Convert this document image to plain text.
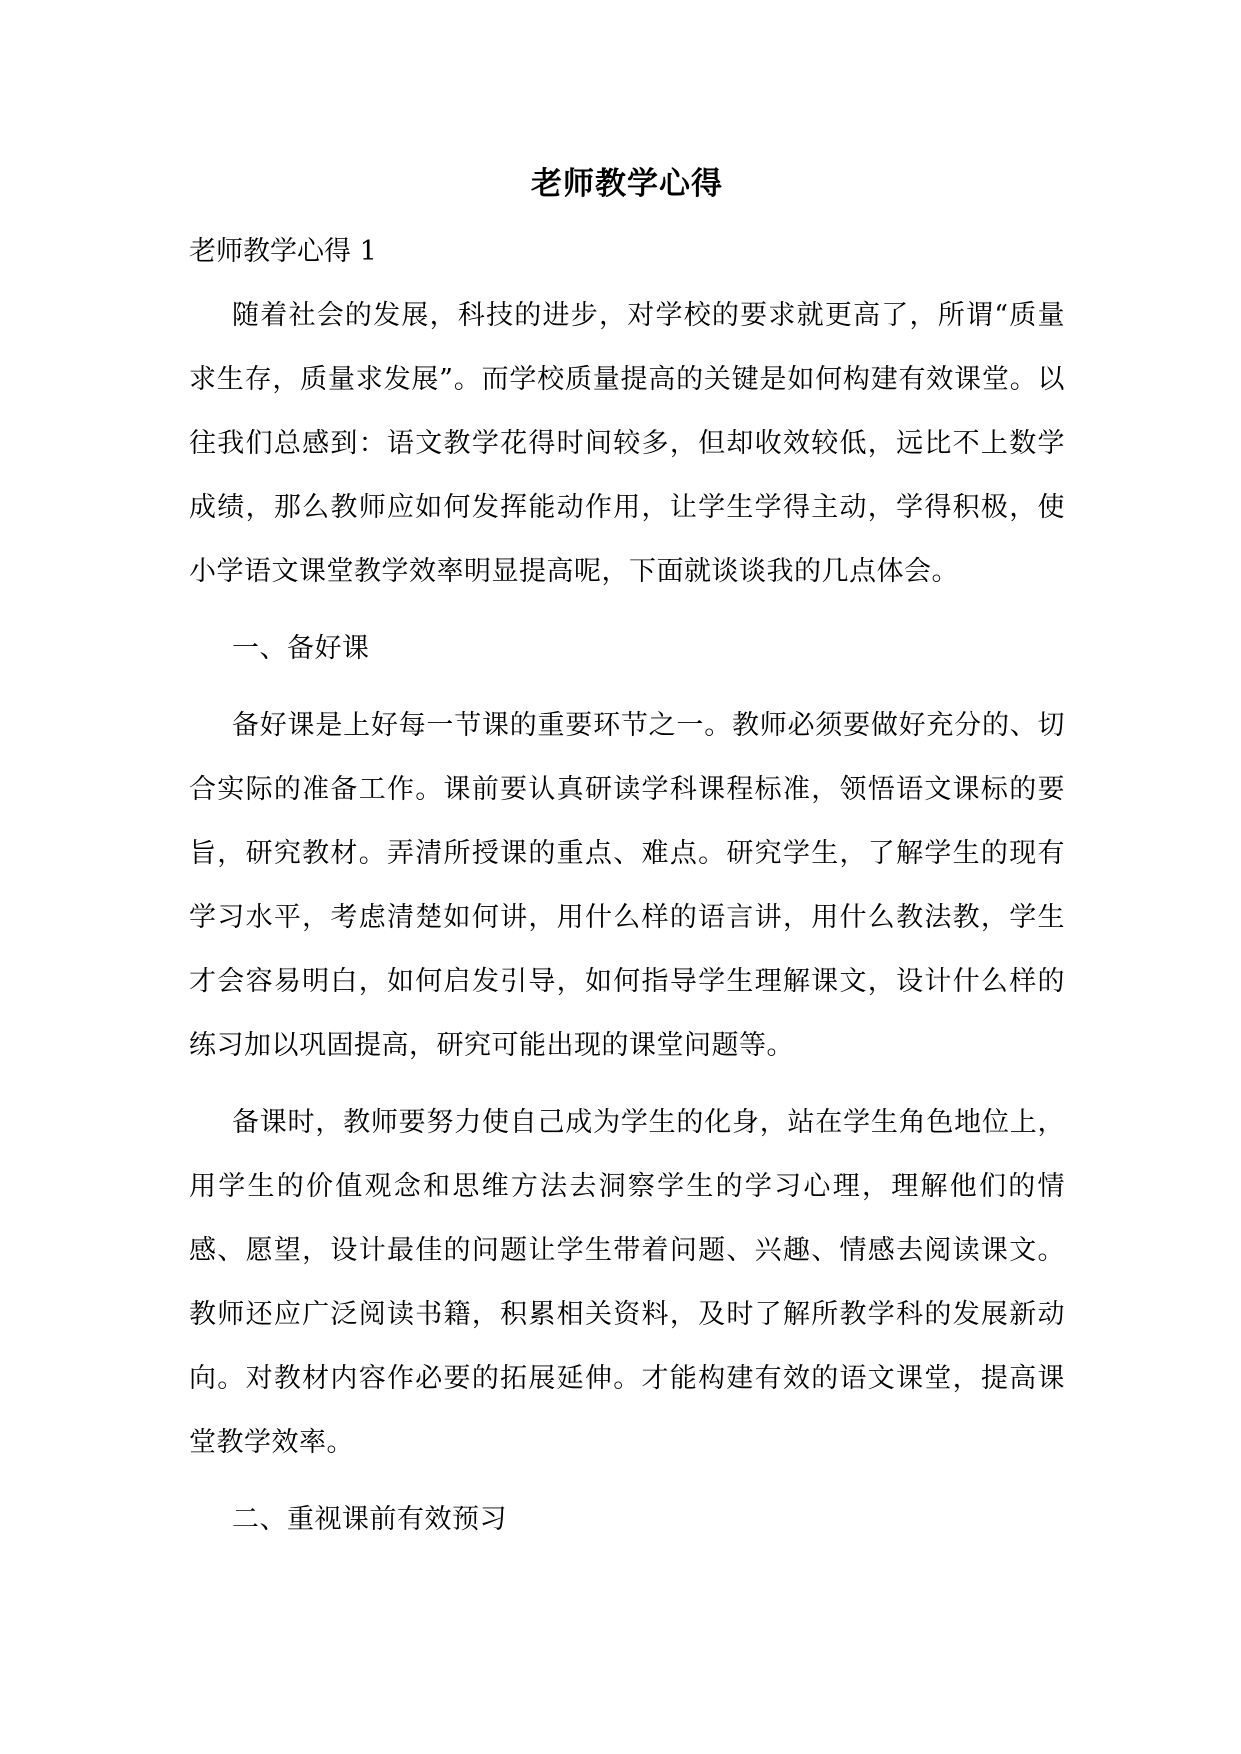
老师教学心得

老师教学心得 1

随着社会的发展，科技的进步，对学校的要求就更高了，所谓“质量求生存，质量求发展”。而学校质量提高的关键是如何构建有效课堂。以往我们总感到：语文教学花得时间较多，但却收效较低，远比不上数学成绩，那么教师应如何发挥能动作用，让学生学得主动，学得积极，使小学语文课堂教学效率明显提高呢，下面就谈谈我的几点体会。

一、备好课

备好课是上好每一节课的重要环节之一。教师必须要做好充分的、切合实际的准备工作。课前要认真研读学科课程标准，领悟语文课标的要旨，研究教材。弄清所授课的重点、难点。研究学生，了解学生的现有学习水平，考虑清楚如何讲，用什么样的语言讲，用什么教法教，学生才会容易明白，如何启发引导，如何指导学生理解课文，设计什么样的练习加以巩固提高，研究可能出现的课堂问题等。

备课时，教师要努力使自己成为学生的化身，站在学生角色地位上，用学生的价值观念和思维方法去洞察学生的学习心理，理解他们的情感、愿望，设计最佳的问题让学生带着问题、兴趣、情感去阅读课文。教师还应广泛阅读书籍，积累相关资料，及时了解所教学科的发展新动向。对教材内容作必要的拓展延伸。才能构建有效的语文课堂，提高课堂教学效率。

二、重视课前有效预习
